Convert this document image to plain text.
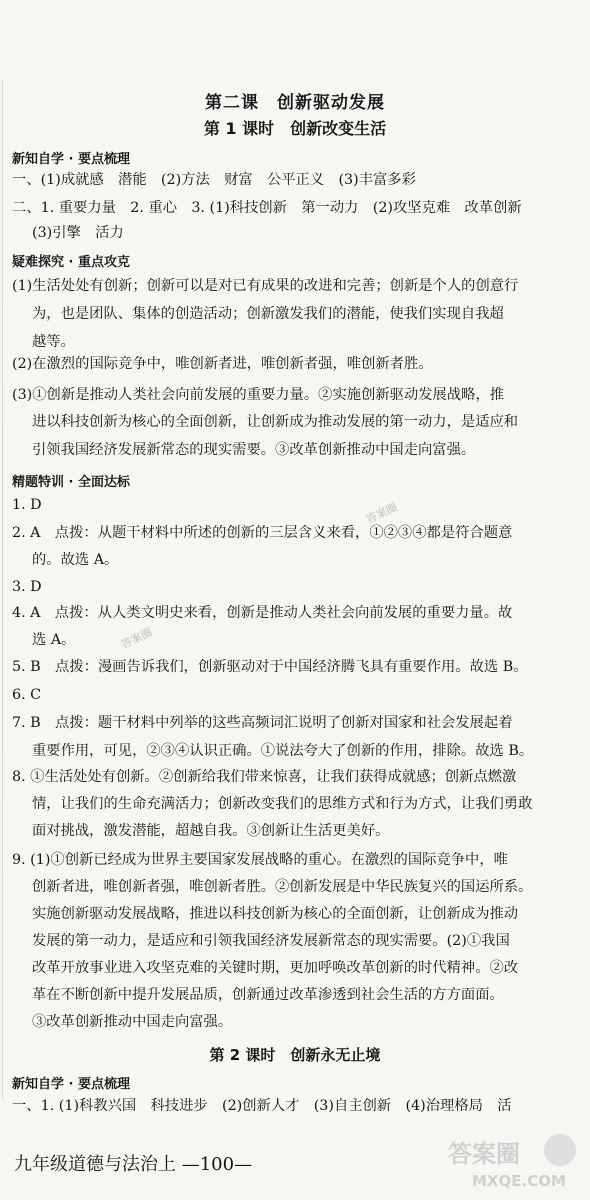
第二课　创新驱动发展
第 1 课时　创新改变生活
新知自学 · 要点梳理
一、(1)成就感　潜能　(2)方法　财富　公平正义　(3)丰富多彩
二、1. 重要力量　2. 重心　3. (1)科技创新　第一动力　(2)攻坚克难　改革创新
(3)引擎　活力
疑难探究 · 重点攻克
(1)生活处处有创新；创新可以是对已有成果的改进和完善；创新是个人的创意行
为，也是团队、集体的创造活动；创新激发我们的潜能，使我们实现自我超
越等。
(2)在激烈的国际竞争中，唯创新者进，唯创新者强，唯创新者胜。
(3)①创新是推动人类社会向前发展的重要力量。②实施创新驱动发展战略，推
进以科技创新为核心的全面创新，让创新成为推动发展的第一动力，是适应和
引领我国经济发展新常态的现实需要。③改革创新推动中国走向富强。
精题特训 · 全面达标
1. D
2. A　点拨：从题干材料中所述的创新的三层含义来看，①②③④都是符合题意
的。故选 A。
3. D
4. A　点拨：从人类文明史来看，创新是推动人类社会向前发展的重要力量。故
选 A。
5. B　点拨：漫画告诉我们，创新驱动对于中国经济腾飞具有重要作用。故选 B。
6. C
7. B　点拨：题干材料中列举的这些高频词汇说明了创新对国家和社会发展起着
重要作用，可见，②③④认识正确。①说法夸大了创新的作用，排除。故选 B。
8. ①生活处处有创新。②创新给我们带来惊喜，让我们获得成就感；创新点燃激
情，让我们的生命充满活力；创新改变我们的思维方式和行为方式，让我们勇敢
面对挑战，激发潜能，超越自我。③创新让生活更美好。
9. (1)①创新已经成为世界主要国家发展战略的重心。在激烈的国际竞争中，唯
创新者进，唯创新者强，唯创新者胜。②创新发展是中华民族复兴的国运所系。
实施创新驱动发展战略，推进以科技创新为核心的全面创新，让创新成为推动
发展的第一动力，是适应和引领我国经济发展新常态的现实需要。(2)①我国
改革开放事业进入攻坚克难的关键时期，更加呼唤改革创新的时代精神。②改
革在不断创新中提升发展品质，创新通过改革渗透到社会生活的方方面面。
③改革创新推动中国走向富强。
第 2 课时　创新永无止境
新知自学 · 要点梳理
一、1. (1)科教兴国　科技进步　(2)创新人才　(3)自主创新　(4)治理格局　活
九年级道德与法治上 —100—
答案圈
答案圈
答案圈
MXQE.COM
